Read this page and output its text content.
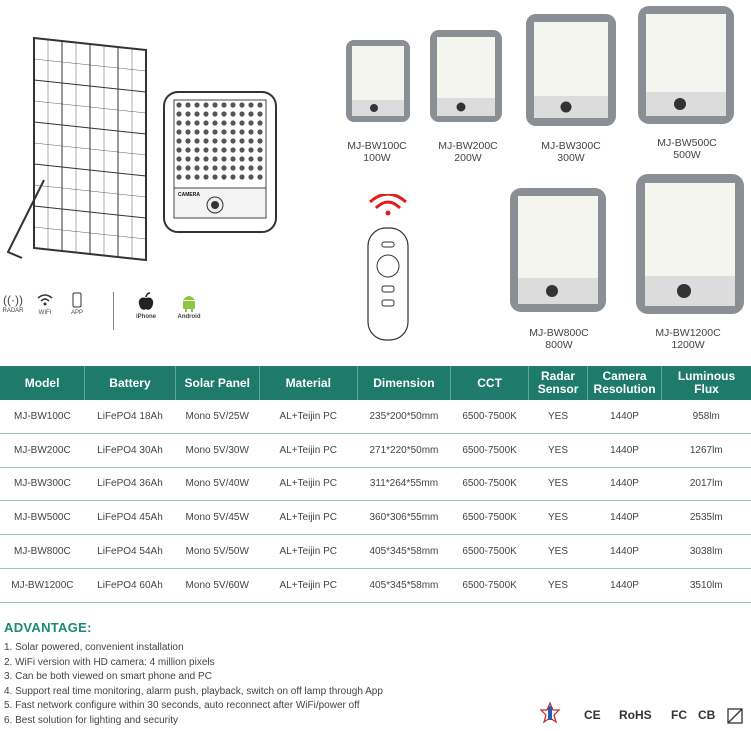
CAMERA
MJ-BW100C
100W
MJ-BW200C
200W
MJ-BW300C
300W
MJ-BW500C
500W
MJ-BW800C
800W
MJ-BW1200C
1200W
((·))
RADAR	WIFI	APP
iPhone	Android
Model	Battery	Solar Panel	Material	Dimension	CCT	Radar Sensor	Camera Resolution	Luminous Flux
MJ-BW100C	LiFePO4 18Ah	Mono 5V/25W	AL+Teijin PC	235*200*50mm	6500-7500K	YES	1440P	958lm
MJ-BW200C	LiFePO4 30Ah	Mono 5V/30W	AL+Teijin PC	271*220*50mm	6500-7500K	YES	1440P	1267lm
MJ-BW300C	LiFePO4 36Ah	Mono 5V/40W	AL+Teijin PC	311*264*55mm	6500-7500K	YES	1440P	2017lm
MJ-BW500C	LiFePO4 45Ah	Mono 5V/45W	AL+Teijin PC	360*306*55mm	6500-7500K	YES	1440P	2535lm
MJ-BW800C	LiFePO4 54Ah	Mono 5V/50W	AL+Teijin PC	405*345*58mm	6500-7500K	YES	1440P	3038lm
MJ-BW1200C	LiFePO4 60Ah	Mono 5V/60W	AL+Teijin PC	405*345*58mm	6500-7500K	YES	1440P	3510lm
ADVANTAGE:
1. Solar powered, convenient installation
2. WiFi version with HD camera: 4 million pixels
3. Can be both viewed on smart phone and PC
4. Support real time monitoring, alarm push, playback, switch on off lamp through App
5. Fast network configure within 30 seconds, auto reconnect after WiFi/power off
6. Best solution for lighting and security	CE RoHS FC CB
